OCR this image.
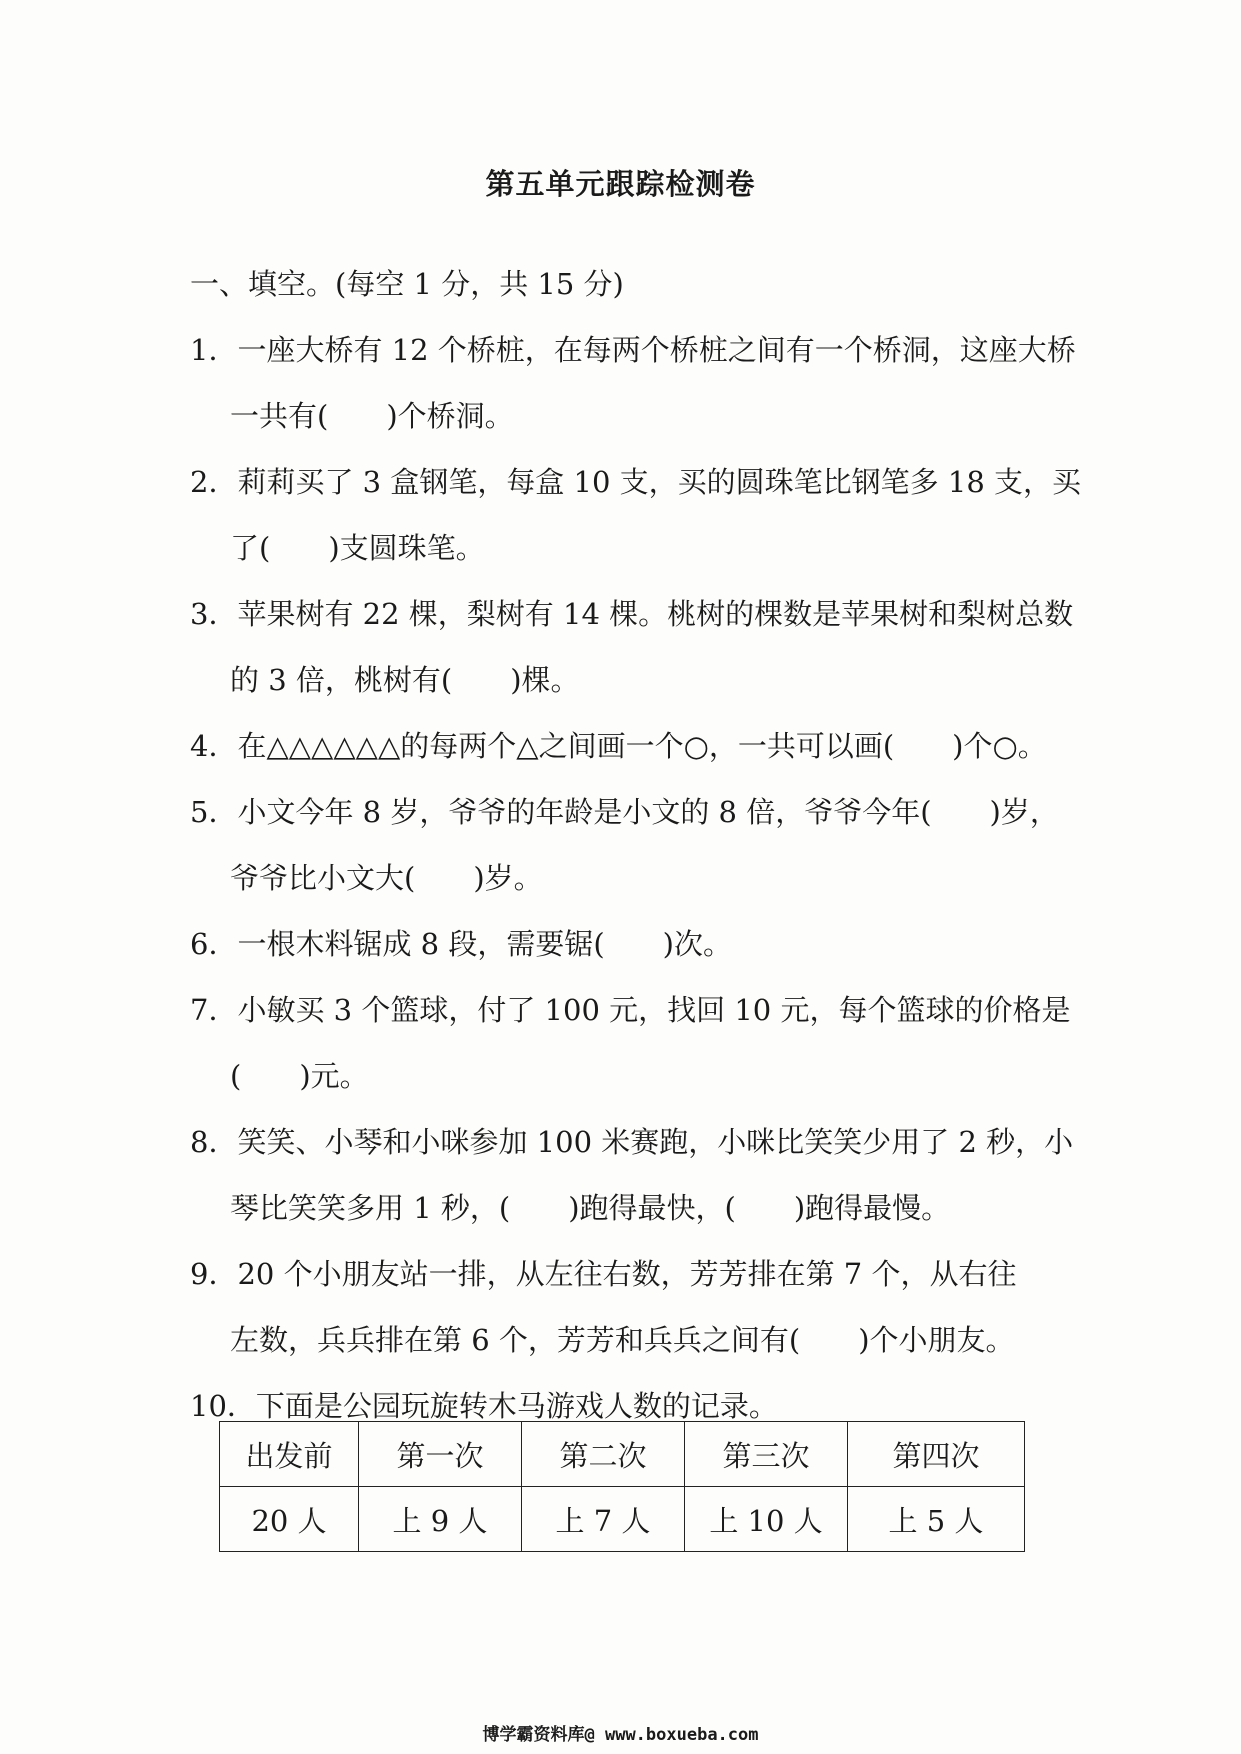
第五单元跟踪检测卷
一、填空。(每空 1 分，共 15 分)
1．一座大桥有 12 个桥桩，在每两个桥桩之间有一个桥洞，这座大桥
一共有(　　)个桥洞。
2．莉莉买了 3 盒钢笔，每盒 10 支，买的圆珠笔比钢笔多 18 支，买
了(　　)支圆珠笔。
3．苹果树有 22 棵，梨树有 14 棵。桃树的棵数是苹果树和梨树总数
的 3 倍，桃树有(　　)棵。
4．在△△△△△△的每两个△之间画一个○，一共可以画(　　)个○。
5．小文今年 8 岁，爷爷的年龄是小文的 8 倍，爷爷今年(　　)岁，
爷爷比小文大(　　)岁。
6．一根木料锯成 8 段，需要锯(　　)次。
7．小敏买 3 个篮球，付了 100 元，找回 10 元，每个篮球的价格是
(　　)元。
8．笑笑、小琴和小咪参加 100 米赛跑，小咪比笑笑少用了 2 秒，小
琴比笑笑多用 1 秒，(　　)跑得最快，(　　)跑得最慢。
9．20 个小朋友站一排，从左往右数，芳芳排在第 7 个，从右往
左数，兵兵排在第 6 个，芳芳和兵兵之间有(　　)个小朋友。
10．下面是公园玩旋转木马游戏人数的记录。
出发前	第一次	第二次	第三次	第四次
20 人	上 9 人	上 7 人	上 10 人	上 5 人
博学霸资料库@ www.boxueba.com
